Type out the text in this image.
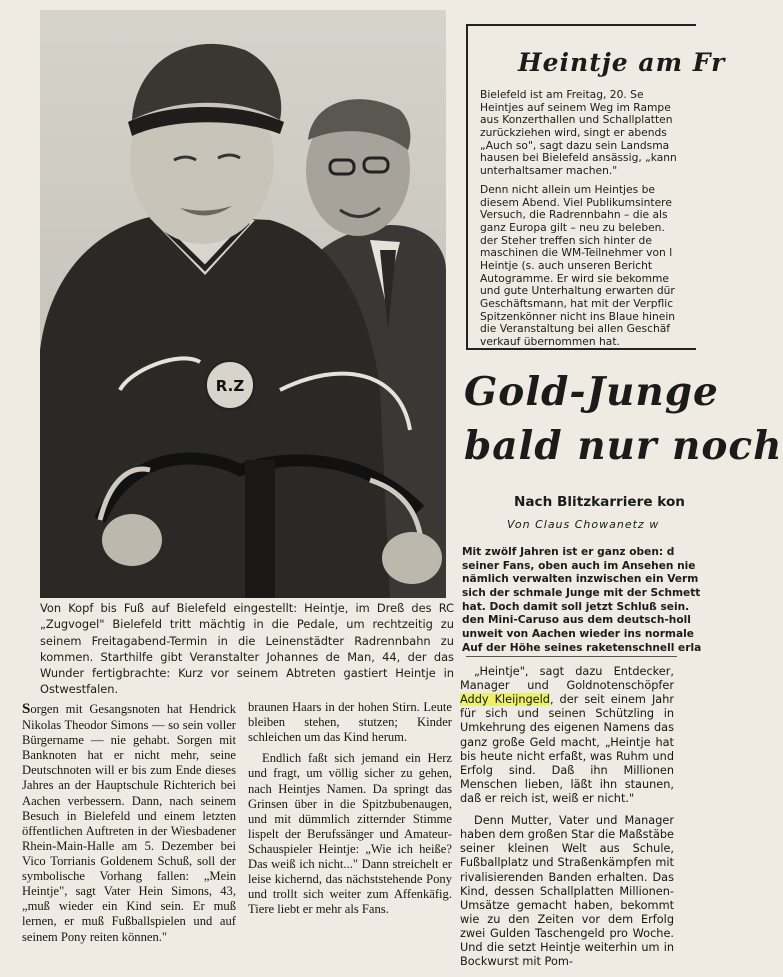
R.Z
Von Kopf bis Fuß auf Bielefeld eingestellt: Heintje, im Dreß des RC „Zugvogel" Bielefeld tritt mächtig in die Pedale, um rechtzeitig zu seinem Freitagabend-Termin in die Leinenstädter Radrennbahn zu kommen. Starthilfe gibt Veranstalter Johannes de Man, 44, der das Wunder fertigbrachte: Kurz vor seinem Abtreten gastiert Heintje in Ostwestfalen.
Heintje am Fr
Bielefeld ist am Freitag, 20. Se
Heintjes auf seinem Weg im Rampe
aus Konzerthallen und Schallplatten
zurückziehen wird, singt er abends
„Auch so", sagt dazu sein Landsma
hausen bei Bielefeld ansässig, „kann
unterhaltsamer machen."
Denn nicht allein um Heintjes be
diesem Abend. Viel Publikumsintere
Versuch, die Radrennbahn – die als
ganz Europa gilt – neu zu beleben.
der Steher treffen sich hinter de
maschinen die WM-Teilnehmer von l
Heintje (s. auch unseren Bericht
Autogramme. Er wird sie bekomme
und gute Unterhaltung erwarten dür
Geschäftsmann, hat mit der Verpflic
Spitzenkönner nicht ins Blaue hinein
die Veranstaltung bei allen Geschäf
verkauf übernommen hat.
Gold-Junge
bald nur noch
Nach Blitzkarriere kon
Von Claus Chowanetz w
Mit zwölf Jahren ist er ganz oben: d
seiner Fans, oben auch im Ansehen nie
nämlich verwalten inzwischen ein Verm
sich der schmale Junge mit der Schmett
hat. Doch damit soll jetzt Schluß sein.
den Mini-Caruso aus dem deutsch-holl
unweit von Aachen wieder ins normale
Auf der Höhe seines raketenschnell erla

Sorgen mit Gesangsnoten hat Hendrick Nikolas Theodor Simons — so sein voller Bürgername — nie gehabt. Sorgen mit Banknoten hat er nicht mehr, seine Deutschnoten will er bis zum Ende dieses Jahres an der Hauptschule Richterich bei Aachen verbessern. Dann, nach seinem Besuch in Bielefeld und einem letzten öffentlichen Auftreten in der Wiesbadener Rhein-Main-Halle am 5. Dezember bei Vico Torrianis Goldenem Schuß, soll der symbolische Vorhang fallen: „Mein Heintje", sagt Vater Hein Simons, 43, „muß wieder ein Kind sein. Er muß lernen, er muß Fußballspielen und auf seinem Pony reiten können."

braunen Haars in der hohen Stirn. Leute bleiben stehen, stutzen; Kinder schleichen um das Kind herum.

Endlich faßt sich jemand ein Herz und fragt, um völlig sicher zu gehen, nach Heintjes Namen. Da springt das Grinsen über in die Spitzbubenaugen, und mit dümmlich zitternder Stimme lispelt der Berufssänger und Amateur-Schauspieler Heintje: „Wie ich heiße? Das weiß ich nicht..." Dann streichelt er leise kichernd, das nächststehende Pony und trollt sich weiter zum Affenkäfig. Tiere liebt er mehr als Fans.

„Heintje", sagt dazu Entdecker, Manager und Goldnotenschöpfer Addy Kleijngeld, der seit einem Jahr für sich und seinen Schützling in Umkehrung des eigenen Namens das ganz große Geld macht, „Heintje hat bis heute nicht erfaßt, was Ruhm und Erfolg sind. Daß ihn Millionen Menschen lieben, läßt ihn staunen, daß er reich ist, weiß er nicht."

Denn Mutter, Vater und Manager haben dem großen Star die Maßstäbe seiner kleinen Welt aus Schule, Fußballplatz und Straßenkämpfen mit rivalisierenden Banden erhalten. Das Kind, dessen Schallplatten Millionen-Umsätze gemacht haben, bekommt wie zu den Zeiten vor dem Erfolg zwei Gulden Taschengeld pro Woche. Und die setzt Heintje weiterhin um in Bockwurst mit Pom-
